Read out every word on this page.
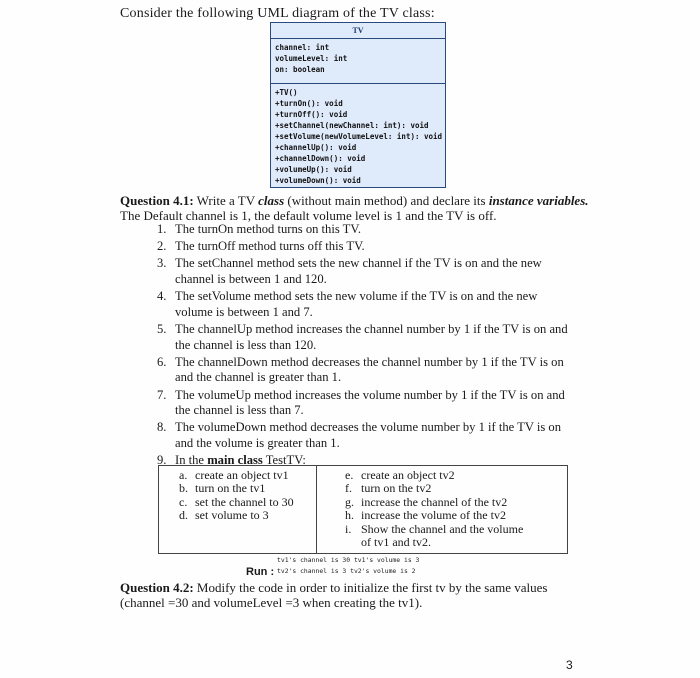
Consider the following UML diagram of the TV class:
TV
channel: int
volumeLevel: int
on: boolean
+TV()
+turnOn(): void
+turnOff(): void
+setChannel(newChannel: int): void
+setVolume(newVolumeLevel: int): void
+channelUp(): void
+channelDown(): void
+volumeUp(): void
+volumeDown(): void
Question 4.1: Write a TV class (without main method) and declare its instance variables.
The Default channel is 1, the default volume level is 1 and the TV is off.
1. The turnOn method turns on this TV.
2. The turnOff method turns off this TV.
3. The setChannel method sets the new channel if the TV is on and the new channel is between 1 and 120.
4. The setVolume method sets the new volume if the TV is on and the new volume is between 1 and 7.
5. The channelUp method increases the channel number by 1 if the TV is on and the channel is less than 120.
6. The channelDown method decreases the channel number by 1 if the TV is on and the channel is greater than 1.
7. The volumeUp method increases the volume number by 1 if the TV is on and the channel is less than 7.
8. The volumeDown method decreases the volume number by 1 if the TV is on and the volume is greater than 1.
9. In the main class TestTV:
a. create an object tv1
b. turn on the tv1
c. set the channel to 30
d. set volume to 3
e. create an object tv2
f. turn on the tv2
g. increase the channel of the tv2
h. increase the volume of the tv2
i. Show the channel and the volume
of tv1 and tv2.
tv1's channel is 30 tv1's volume is 3
Run : tv2's channel is 3 tv2's volume is 2
Question 4.2: Modify the code in order to initialize the first tv by the same values (channel =30 and volumeLevel =3 when creating the tv1).
3
